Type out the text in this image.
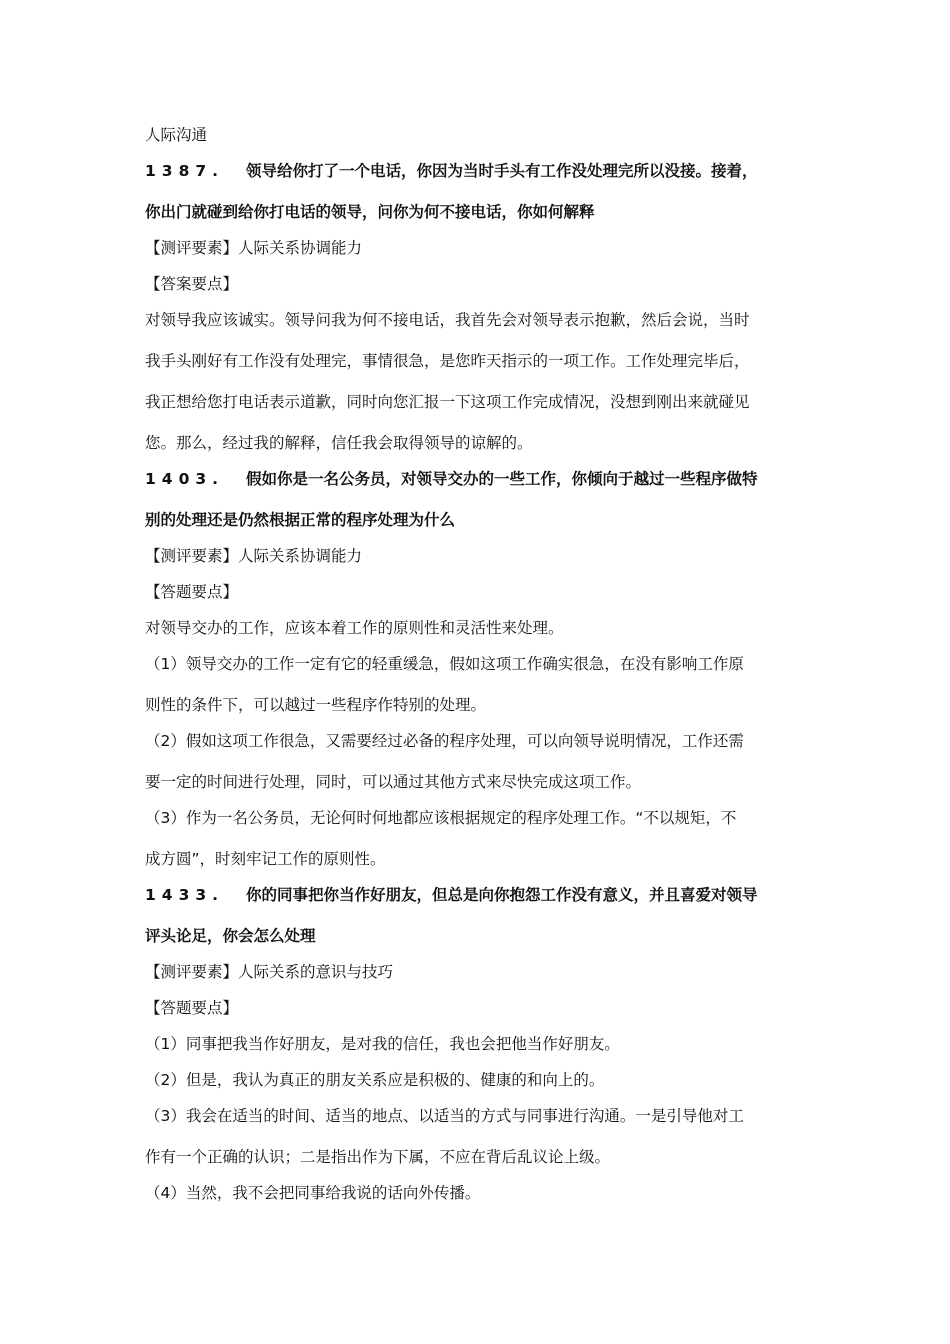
人际沟通
1387. 领导给你打了一个电话，你因为当时手头有工作没处理完所以没接。接着，
你出门就碰到给你打电话的领导，问你为何不接电话，你如何解释
【测评要素】人际关系协调能力
【答案要点】
对领导我应该诚实。领导问我为何不接电话，我首先会对领导表示抱歉，然后会说，当时
我手头刚好有工作没有处理完，事情很急，是您昨天指示的一项工作。工作处理完毕后，
我正想给您打电话表示道歉，同时向您汇报一下这项工作完成情况，没想到刚出来就碰见
您。那么，经过我的解释，信任我会取得领导的谅解的。
1403. 假如你是一名公务员，对领导交办的一些工作，你倾向于越过一些程序做特
别的处理还是仍然根据正常的程序处理为什么
【测评要素】人际关系协调能力
【答题要点】
对领导交办的工作，应该本着工作的原则性和灵活性来处理。
（1）领导交办的工作一定有它的轻重缓急，假如这项工作确实很急，在没有影响工作原
则性的条件下，可以越过一些程序作特别的处理。
（2）假如这项工作很急，又需要经过必备的程序处理，可以向领导说明情况，工作还需
要一定的时间进行处理，同时，可以通过其他方式来尽快完成这项工作。
（3）作为一名公务员，无论何时何地都应该根据规定的程序处理工作。“不以规矩，不
成方圆”，时刻牢记工作的原则性。
1433. 你的同事把你当作好朋友，但总是向你抱怨工作没有意义，并且喜爱对领导
评头论足，你会怎么处理
【测评要素】人际关系的意识与技巧
【答题要点】
（1）同事把我当作好朋友，是对我的信任，我也会把他当作好朋友。
（2）但是，我认为真正的朋友关系应是积极的、健康的和向上的。
（3）我会在适当的时间、适当的地点、以适当的方式与同事进行沟通。一是引导他对工
作有一个正确的认识；二是指出作为下属，不应在背后乱议论上级。
（4）当然，我不会把同事给我说的话向外传播。
